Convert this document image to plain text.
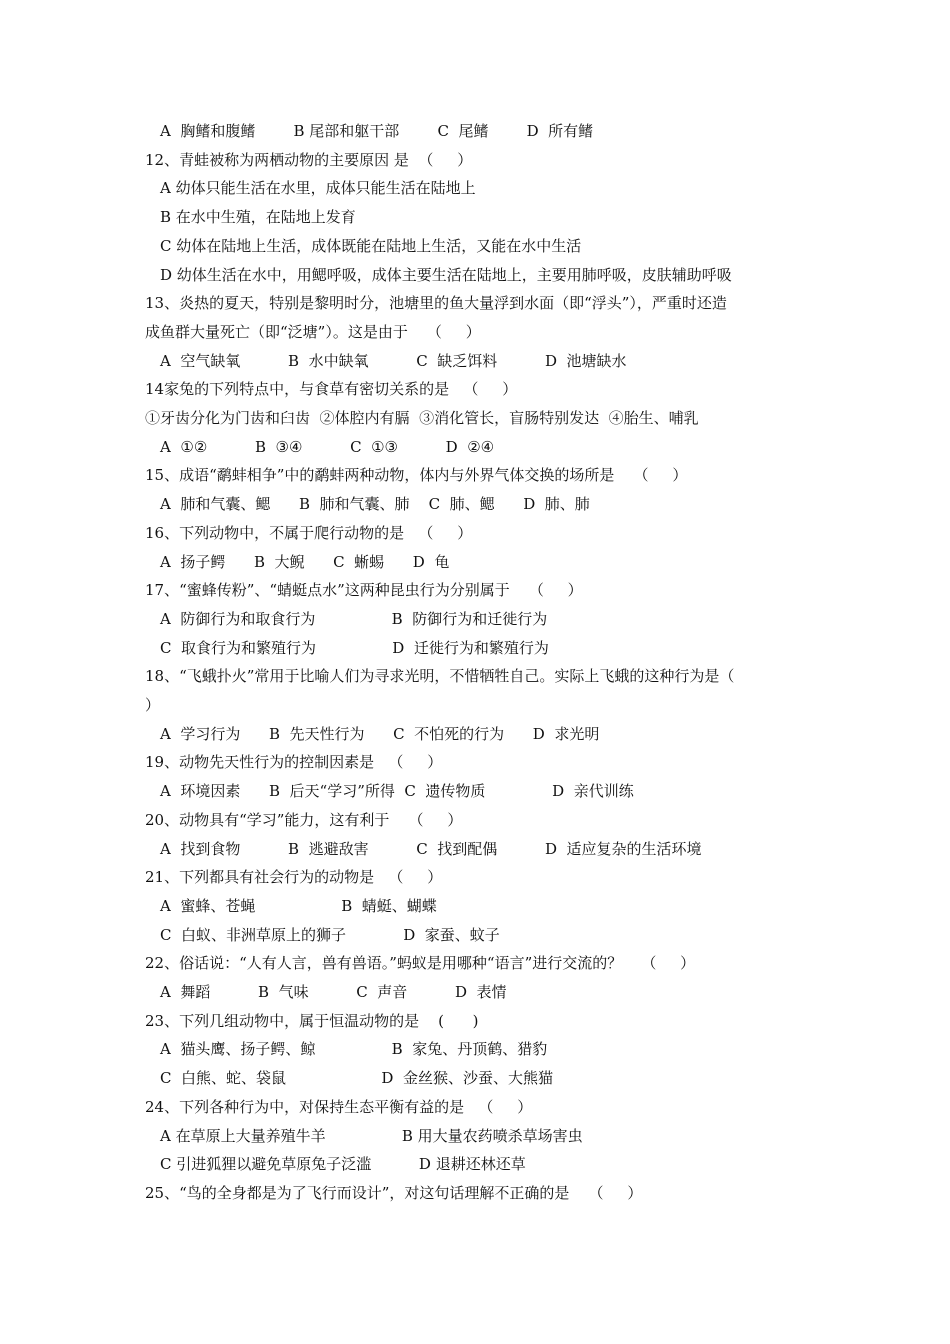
A  胸鳍和腹鳍        B 尾部和躯干部        C  尾鳍        D  所有鳍
12、青蛙被称为两栖动物的主要原因 是  （     ）
A 幼体只能生活在水里，成体只能生活在陆地上
B 在水中生殖，在陆地上发育
C 幼体在陆地上生活，成体既能在陆地上生活，又能在水中生活
D 幼体生活在水中，用鳃呼吸，成体主要生活在陆地上，主要用肺呼吸，皮肤辅助呼吸
13、炎热的夏天，特别是黎明时分，池塘里的鱼大量浮到水面（即“浮头”），严重时还造
成鱼群大量死亡（即“泛塘”）。这是由于    （     ）
A  空气缺氧          B  水中缺氧          C  缺乏饵料          D  池塘缺水
14家兔的下列特点中，与食草有密切关系的是   （     ）
①牙齿分化为门齿和臼齿  ②体腔内有膈  ③消化管长，盲肠特别发达  ④胎生、哺乳
A  ①②          B  ③④          C  ①③          D  ②④
15、成语“鹬蚌相争”中的鹬蚌两种动物，体内与外界气体交换的场所是    （     ）
A  肺和气囊、鳃      B  肺和气囊、肺    C  肺、鳃      D  肺、肺
16、下列动物中，不属于爬行动物的是   （     ）
A  扬子鳄      B  大鲵      C  蜥蜴      D  龟
17、“蜜蜂传粉”、“蜻蜓点水”这两种昆虫行为分别属于    （     ）
A  防御行为和取食行为                B  防御行为和迁徙行为
C  取食行为和繁殖行为                D  迁徙行为和繁殖行为
18、“飞蛾扑火”常用于比喻人们为寻求光明，不惜牺牲自己。实际上飞蛾的这种行为是（
）
A  学习行为      B  先天性行为      C  不怕死的行为      D  求光明
19、动物先天性行为的控制因素是   （     ）
A  环境因素      B  后天“学习”所得  C  遗传物质              D  亲代训练
20、动物具有“学习”能力，这有利于    （     ）
A  找到食物          B  逃避敌害          C  找到配偶          D  适应复杂的生活环境
21、下列都具有社会行为的动物是   （     ）
A  蜜蜂、苍蝇                  B  蜻蜓、蝴蝶
C  白蚁、非洲草原上的狮子            D  家蚕、蚊子
22、俗话说：“人有人言，兽有兽语。”蚂蚁是用哪种“语言”进行交流的？    （     ）
A  舞蹈          B  气味          C  声音          D  表情
23、下列几组动物中，属于恒温动物的是    (      )
A  猫头鹰、扬子鳄、鲸                B  家兔、丹顶鹤、猎豹
C  白熊、蛇、袋鼠                    D  金丝猴、沙蚕、大熊猫
24、下列各种行为中，对保持生态平衡有益的是   （     ）
A 在草原上大量养殖牛羊                B 用大量农药喷杀草场害虫
C 引进狐狸以避免草原兔子泛滥          D 退耕还林还草
25、“鸟的全身都是为了飞行而设计”，对这句话理解不正确的是    （     ）
